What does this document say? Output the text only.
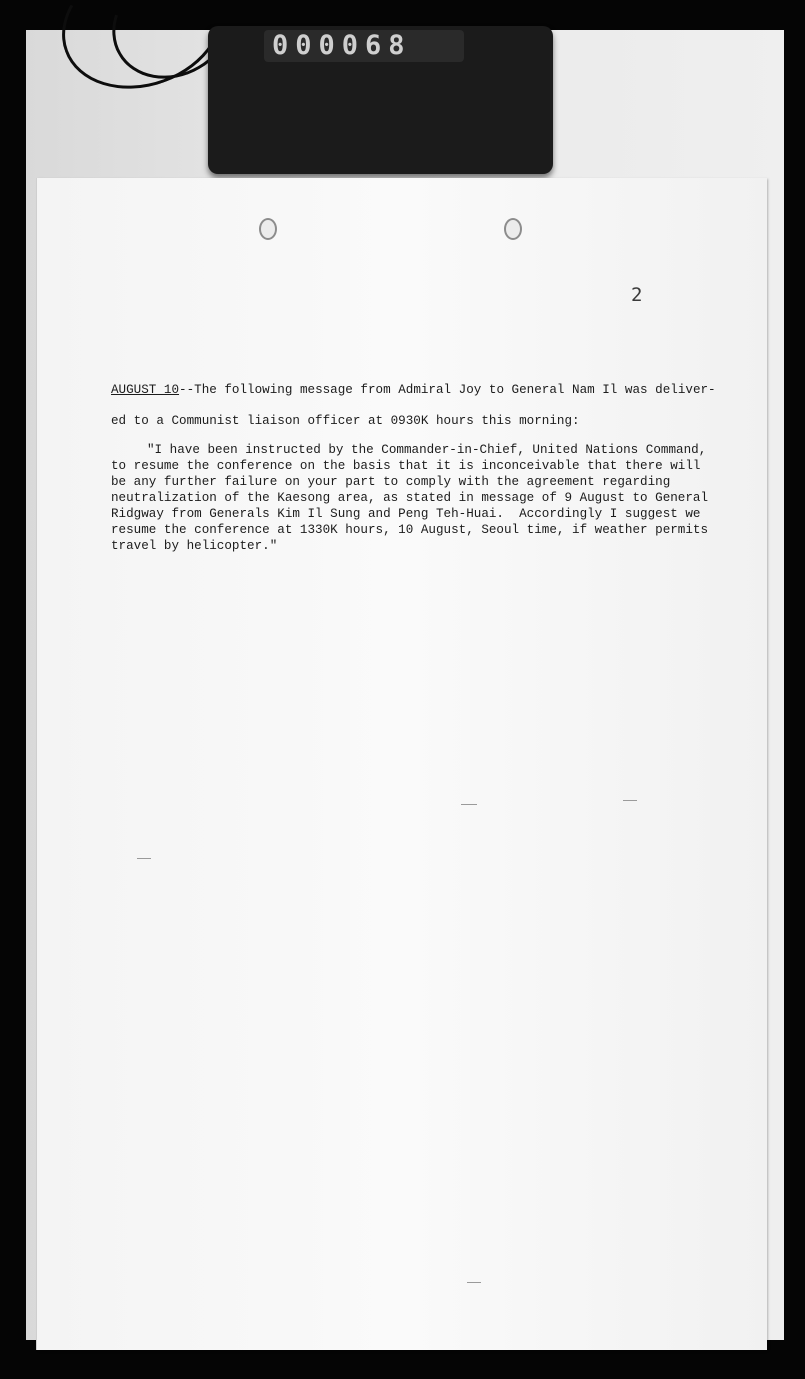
000068
2
AUGUST 10--The following message from Admiral Joy to General Nam Il was deliver-
ed to a Communist liaison officer at 0930K hours this morning:
"I have been instructed by the Commander-in-Chief, United Nations Command,
to resume the conference on the basis that it is inconceivable that there will
be any further failure on your part to comply with the agreement regarding
neutralization of the Kaesong area, as stated in message of 9 August to General
Ridgway from Generals Kim Il Sung and Peng Teh-Huai.  Accordingly I suggest we
resume the conference at 1330K hours, 10 August, Seoul time, if weather permits
travel by helicopter."
